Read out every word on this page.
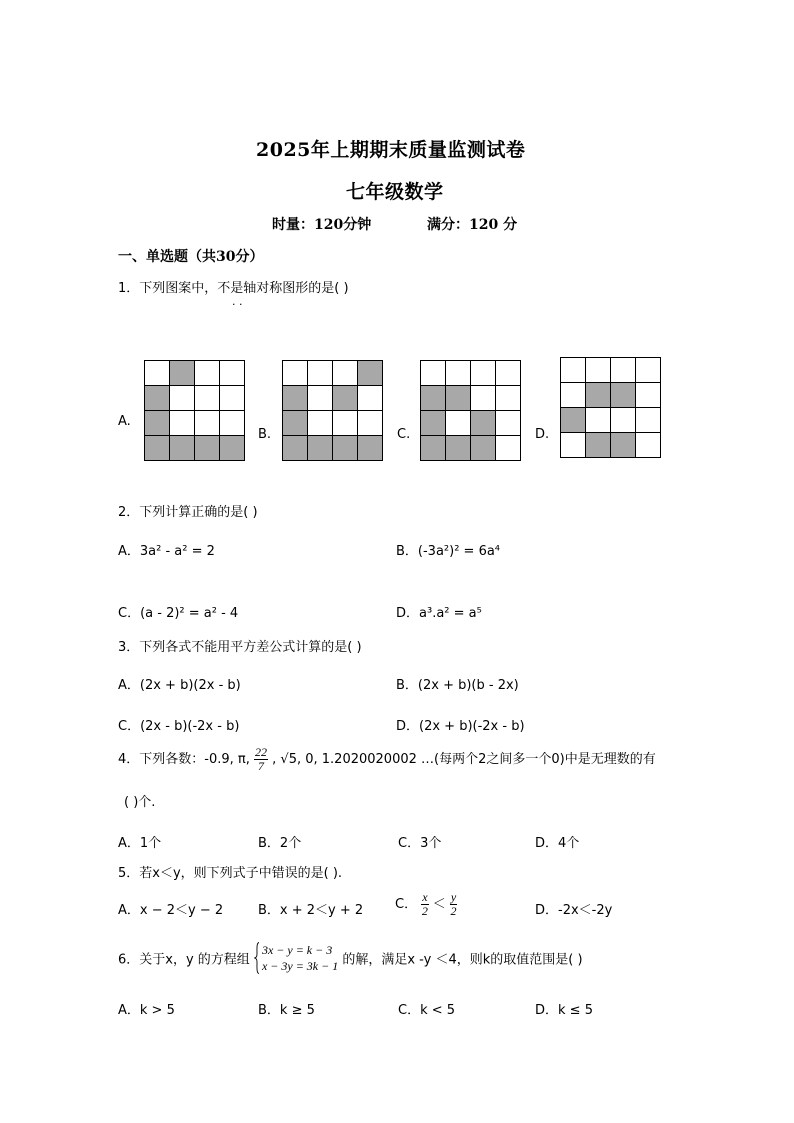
2025年上期期末质量监测试卷
七年级数学
时量：120分钟	满分：120 分
一、单选题（共30分）
1．下列图案中，不是轴对称图形的是( )
· ·
A.
B.	C.	D.
2．下列计算正确的是( )
A．3a² - a² = 2	B．(-3a²)² = 6a⁴
C．(a - 2)² = a² - 4	D．a³.a² = a⁵
3．下列各式不能用平方差公式计算的是( )
A．(2x + b)(2x - b)	B．(2x + b)(b - 2x)
C．(2x - b)(-2x - b)	D．(2x + b)(-2x - b)
4．下列各数：-0.9, π, $\frac{22}{7}$ , √5, 0, 1.2020020002 …(每两个2之间多一个0)中是无理数的有
( )个.
A．1个	B．2个	C．3个	D．4个
5．若x＜y，则下列式子中错误的是( ).
A．x − 2＜y − 2	B．x + 2＜y + 2 C． $\frac{x}{2} < \frac{y}{2}$	D．-2x＜-2y
6．关于x，y 的方程组
3x − y = k − 3
x − 3y = 3k − 1 的解，满足x -y ＜4，则k的取值范围是( )
A．k > 5	B．k ≥ 5	C．k < 5	D．k ≤ 5
